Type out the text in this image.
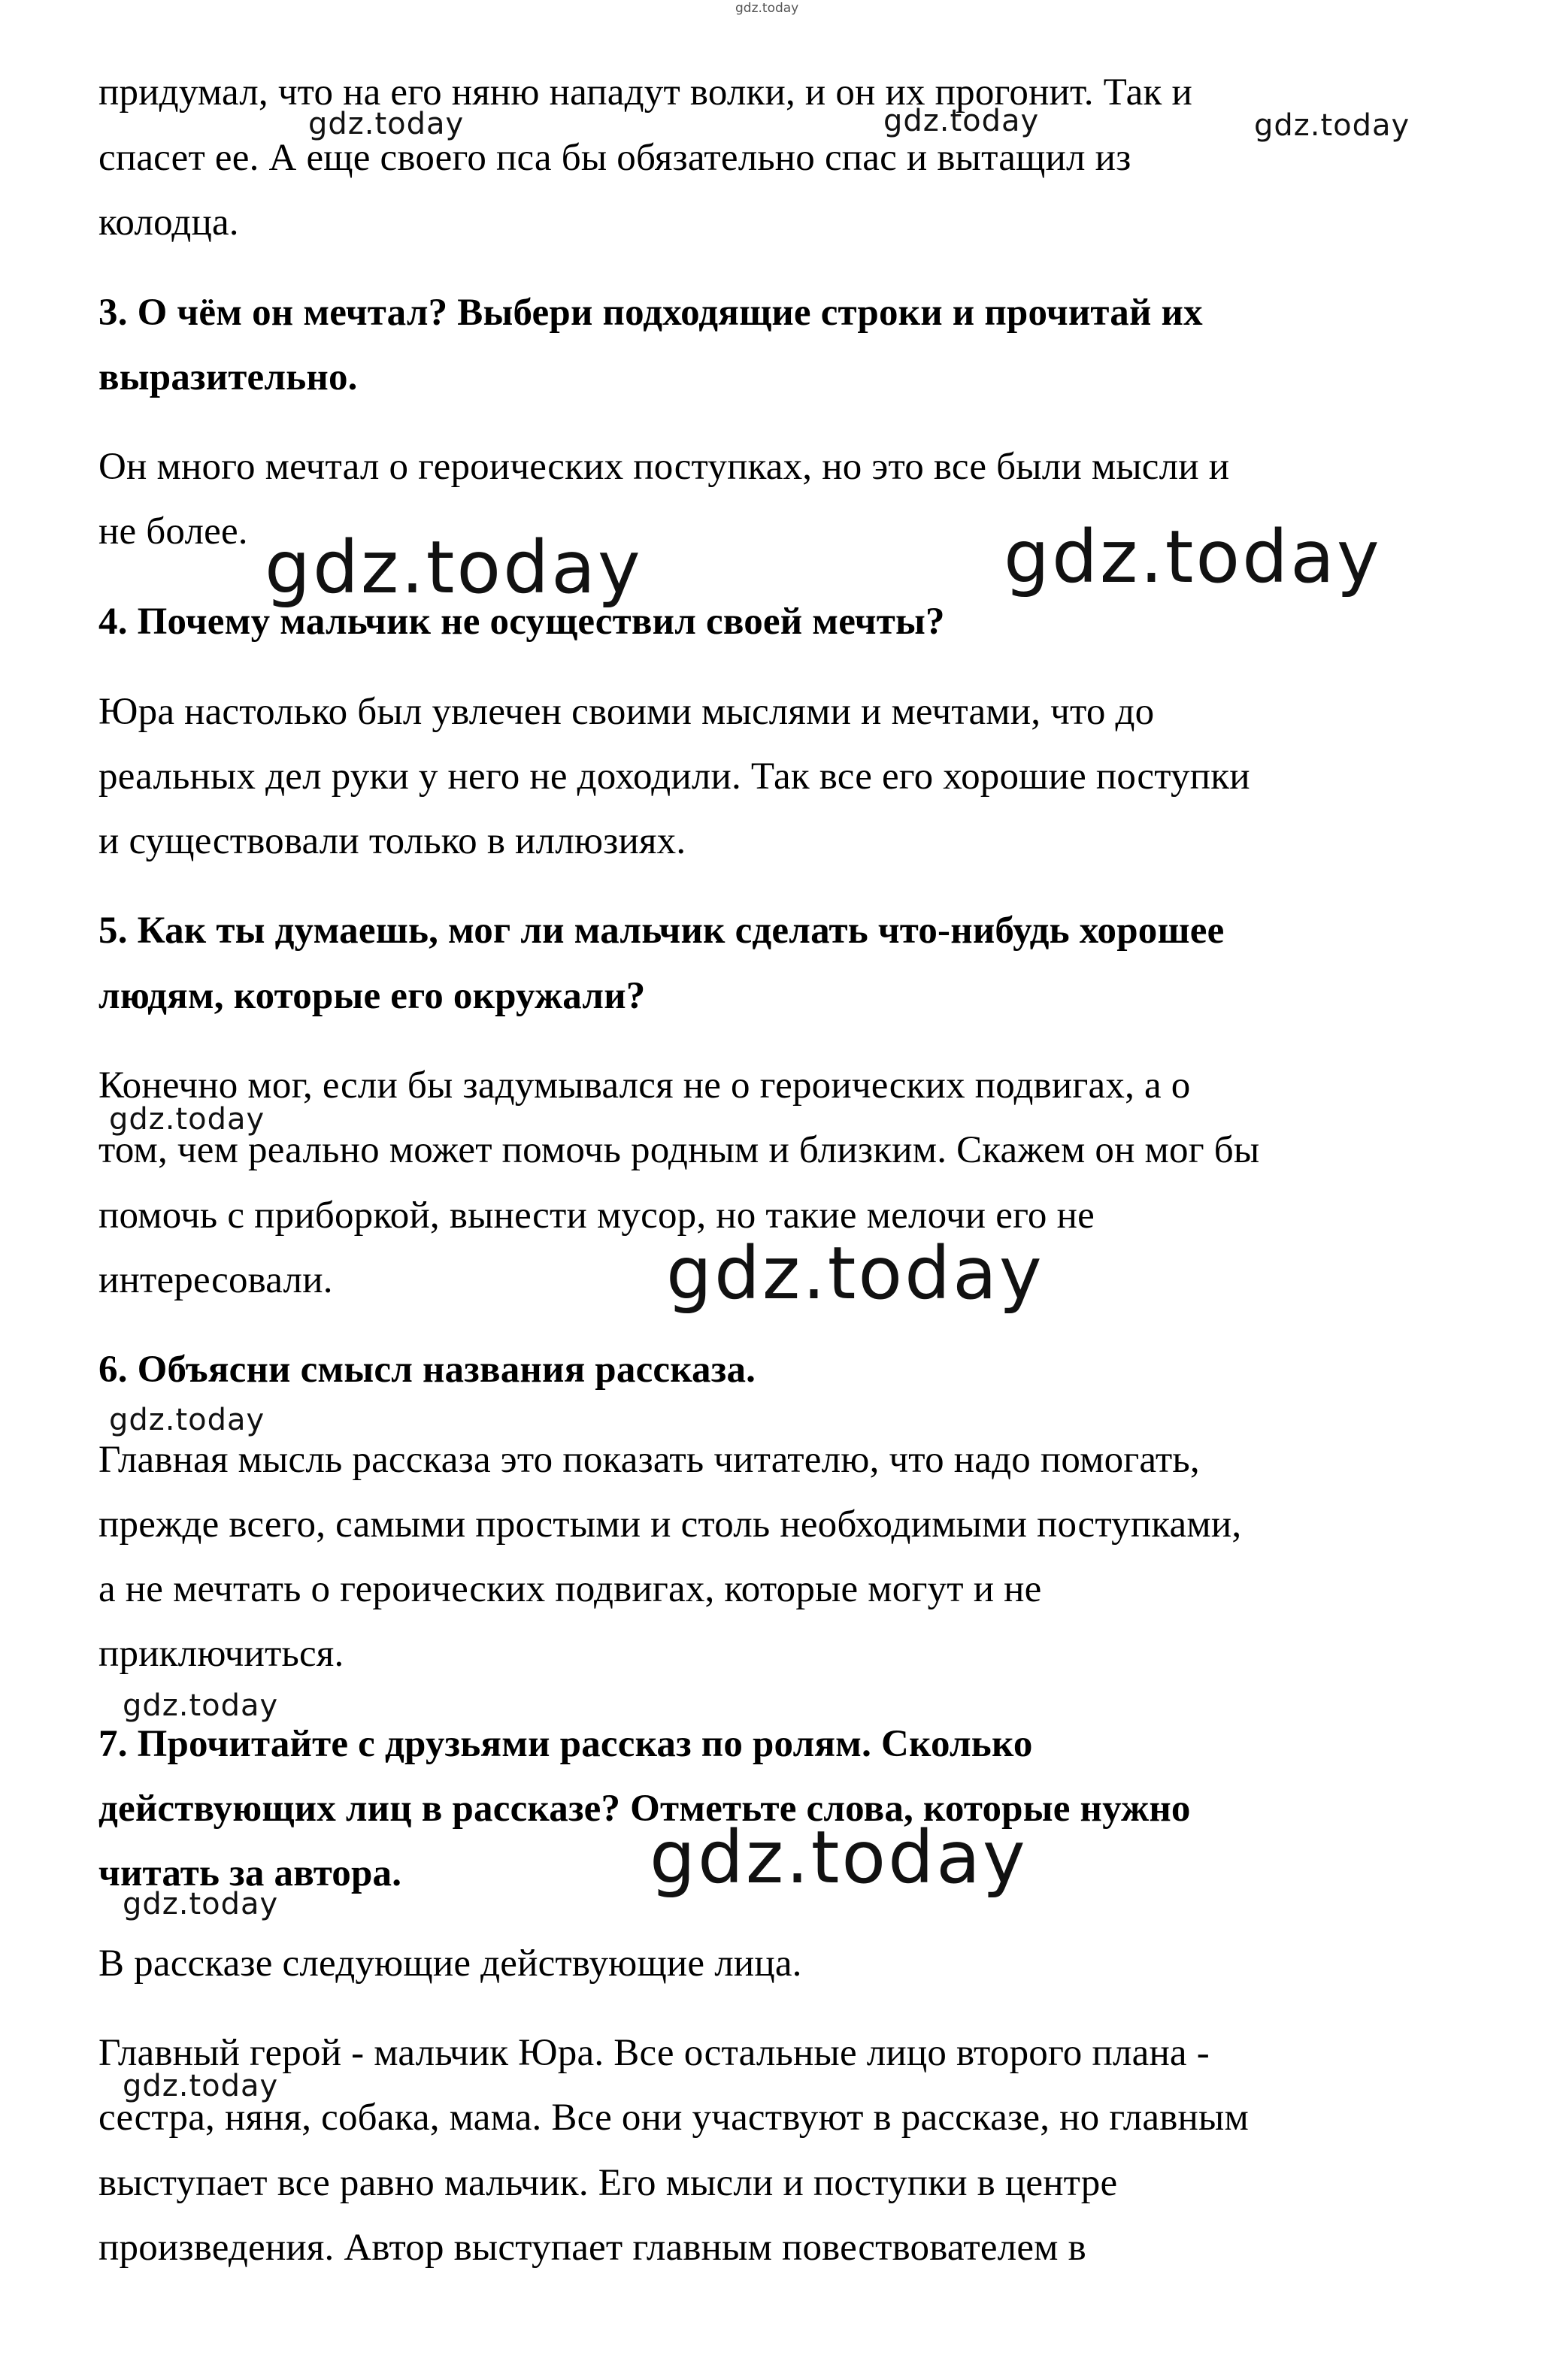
gdz.today
придумал, что на его няню нападут волки, и он их прогонит. Так и
спасет ее. А еще своего пса бы обязательно спас и вытащил из
колодца.
3. О чём он мечтал? Выбери подходящие строки и прочитай их
выразительно.
Он много мечтал о героических поступках, но это все были мысли и
не более.
4. Почему мальчик не осуществил своей мечты?
Юра настолько был увлечен своими мыслями и мечтами, что до
реальных дел руки у него не доходили. Так все его хорошие поступки
и существовали только в иллюзиях.
5. Как ты думаешь, мог ли мальчик сделать что-нибудь хорошее
людям, которые его окружали?
Конечно мог, если бы задумывался не о героических подвигах, а о
том, чем реально может помочь родным и близким. Скажем он мог бы
помочь с приборкой, вынести мусор, но такие мелочи его не
интересовали.
6. Объясни смысл названия рассказа.
Главная мысль рассказа это показать читателю, что надо помогать,
прежде всего, самыми простыми и столь необходимыми поступками,
а не мечтать о героических подвигах, которые могут и не
приключиться.
7. Прочитайте с друзьями рассказ по ролям. Сколько
действующих лиц в рассказе? Отметьте слова, которые нужно
читать за автора.
В рассказе следующие действующие лица.
Главный герой - мальчик Юра. Все остальные лицо второго плана -
сестра, няня, собака, мама. Все они участвуют в рассказе, но главным
выступает все равно мальчик. Его мысли и поступки в центре
произведения. Автор выступает главным повествователем в
gdz.today	gdz.today	gdz.today
gdz.today	gdz.today
gdz.today
gdz.today
gdz.today
gdz.today
gdz.today
gdz.today
gdz.today
